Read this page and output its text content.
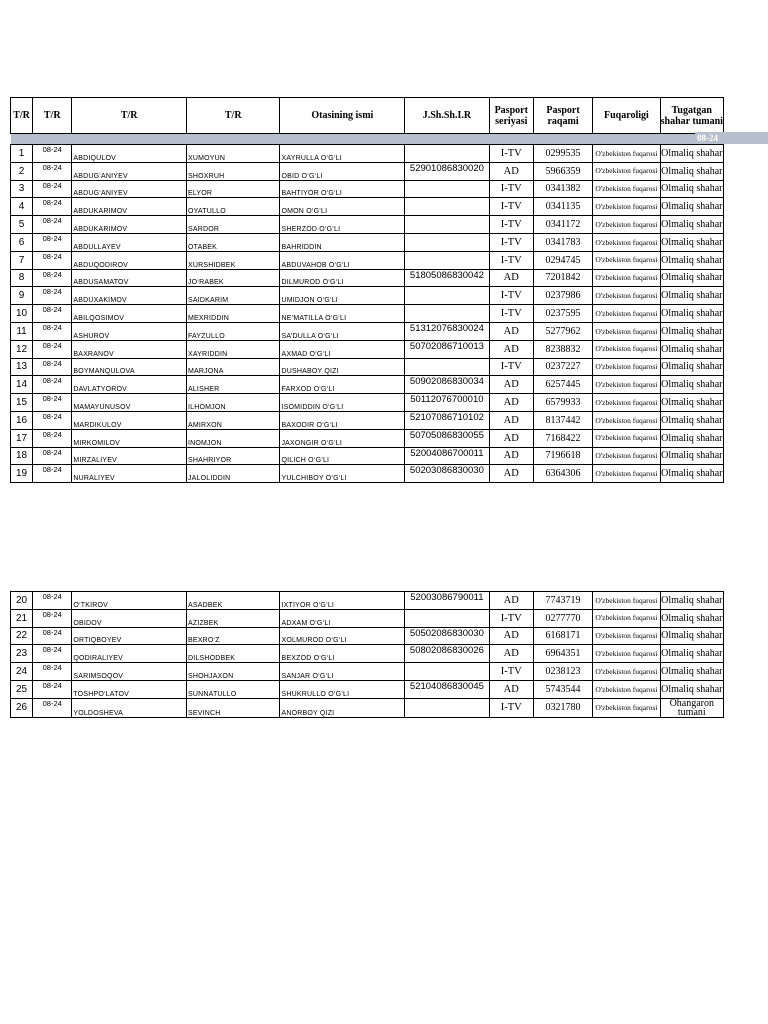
T/R	T/R	T/R	T/R	Otasining ismi	J.Sh.Sh.I.R	Pasport seriyasi	Pasport raqami	Fuqaroligi	Tugatgan shahar tumani

1	08-24	ABDIQULOV	XUMOYUN	XAYRULLA O‘G‘LI		I-TV	0299535	O'zbekiston fuqarosi	Olmaliq shahar
2	08-24	ABDUG‘ANIYEV	SHOXRUH	OBID O‘G‘LI	52901086830020	AD	5966359	O'zbekiston fuqarosi	Olmaliq shahar
3	08-24	ABDUG‘ANIYEV	ELYOR	BAHTIYOR O‘G‘LI		I-TV	0341382	O'zbekiston fuqarosi	Olmaliq shahar
4	08-24	ABDUKARIMOV	OYATULLO	OMON O‘G‘LI		I-TV	0341135	O'zbekiston fuqarosi	Olmaliq shahar
5	08-24	ABDUKARIMOV	SARDOR	SHERZOD O‘G‘LI		I-TV	0341172	O'zbekiston fuqarosi	Olmaliq shahar
6	08-24	ABDULLAYEV	OTABEK	BAHRIDDIN		I-TV	0341783	O'zbekiston fuqarosi	Olmaliq shahar
7	08-24	ABDUQODIROV	XURSHIDBEK	ABDUVAHOB O‘G‘LI		I-TV	0294745	O'zbekiston fuqarosi	Olmaliq shahar
8	08-24	ABDUSAMATOV	JO‘RABEK	DILMUROD O‘G‘LI	51805086830042	AD	7201842	O'zbekiston fuqarosi	Olmaliq shahar
9	08-24	ABDUXAKIMOV	SAIDKARIM	UMIDJON O‘G‘LI		I-TV	0237986	O'zbekiston fuqarosi	Olmaliq shahar
10	08-24	ABILQOSIMOV	MEXRIDDIN	NE’MATILLA O‘G‘LI		I-TV	0237595	O'zbekiston fuqarosi	Olmaliq shahar
11	08-24	ASHUROV	FAYZULLO	SA’DULLA O‘G‘LI	51312076830024	AD	5277962	O'zbekiston fuqarosi	Olmaliq shahar
12	08-24	BAXRANOV	XAYRIDDIN	AXMAD O‘G‘LI	50702086710013	AD	8238832	O'zbekiston fuqarosi	Olmaliq shahar
13	08-24	BOYMANQULOVA	MARJONA	DUSHABOY QIZI		I-TV	0237227	O'zbekiston fuqarosi	Olmaliq shahar
14	08-24	DAVLATYOROV	ALISHER	FARXOD O‘G‘LI	50902086830034	AD	6257445	O'zbekiston fuqarosi	Olmaliq shahar
15	08-24	MAMAYUNUSOV	ILHOMJON	ISOMIDDIN O‘G‘LI	50112076700010	AD	6579933	O'zbekiston fuqarosi	Olmaliq shahar
16	08-24	MARDIKULOV	AMIRXON	BAXODIR O‘G‘LI	52107086710102	AD	8137442	O'zbekiston fuqarosi	Olmaliq shahar
17	08-24	MIRKOMILOV	INOMJON	JAXONGIR O‘G‘LI	50705086830055	AD	7168422	O'zbekiston fuqarosi	Olmaliq shahar
18	08-24	MIRZALIYEV	SHAHRIYOR	QILICH O‘G‘LI	52004086700011	AD	7196618	O'zbekiston fuqarosi	Olmaliq shahar
19	08-24	NURALIYEV	JALOLIDDIN	YULCHIBOY O‘G‘LI	50203086830030	AD	6364306	O'zbekiston fuqarosi	Olmaliq shahar
08-24
20	08-24	O‘TKIROV	ASADBEK	IXTIYOR O‘G‘LI	52003086790011	AD	7743719	O'zbekiston fuqarosi	Olmaliq shahar
21	08-24	OBIDOV	AZIZBEK	ADXAM O‘G‘LI		I-TV	0277770	O'zbekiston fuqarosi	Olmaliq shahar
22	08-24	ORTIQBOYEV	BEXRO‘Z	XOLMUROD O‘G‘LI	50502086830030	AD	6168171	O'zbekiston fuqarosi	Olmaliq shahar
23	08-24	QODIRALIYEV	DILSHODBEK	BEXZOD O‘G‘LI	50802086830026	AD	6964351	O'zbekiston fuqarosi	Olmaliq shahar
24	08-24	SARIMSOQOV	SHOHJAXON	SANJAR O‘G‘LI		I-TV	0238123	O'zbekiston fuqarosi	Olmaliq shahar
25	08-24	TOSHPO‘LATOV	SUNNATULLO	SHUKRULLO O‘G‘LI	52104086830045	AD	5743544	O'zbekiston fuqarosi	Olmaliq shahar
26	08-24	YOLDOSHEVA	SEVINCH	ANORBOY QIZI		I-TV	0321780	O'zbekiston fuqarosi	Ohangaron tumani
